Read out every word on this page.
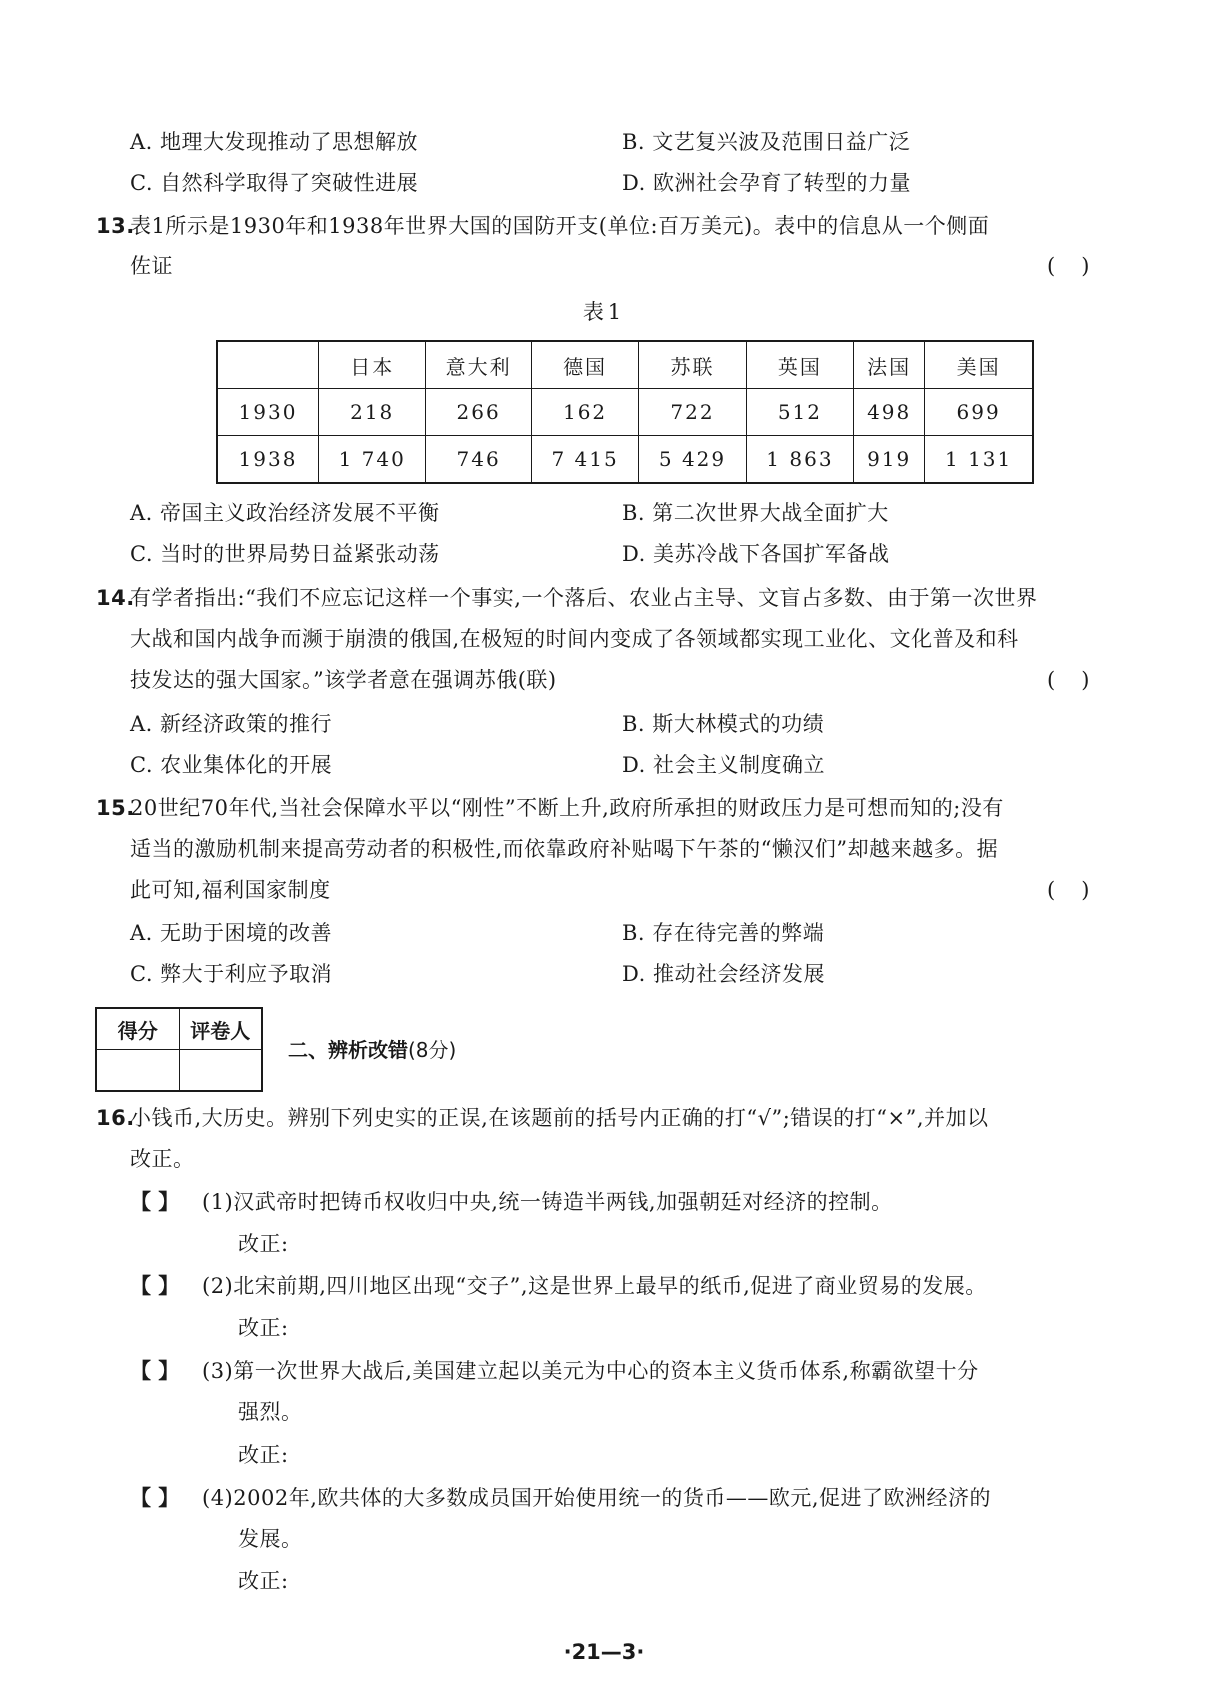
A. 地理大发现推动了思想解放	B. 文艺复兴波及范围日益广泛
C. 自然科学取得了突破性进展	D. 欧洲社会孕育了转型的力量
13.
表1所示是1930年和1938年世界大国的国防开支(单位:百万美元)。表中的信息从一个侧面
佐证	()
表1
	日本	意大利	德国	苏联	英国	法国	美国
1930	218	266	162	722	512	498	699
1938	1 740	746	7 415	5 429	1 863	919	1 131
A. 帝国主义政治经济发展不平衡	B. 第二次世界大战全面扩大
C. 当时的世界局势日益紧张动荡	D. 美苏冷战下各国扩军备战
14.
有学者指出:“我们不应忘记这样一个事实,一个落后、农业占主导、文盲占多数、由于第一次世界
大战和国内战争而濒于崩溃的俄国,在极短的时间内变成了各领域都实现工业化、文化普及和科
技发达的强大国家。”该学者意在强调苏俄(联)	()
A. 新经济政策的推行	B. 斯大林模式的功绩
C. 农业集体化的开展	D. 社会主义制度确立
15.
20世纪70年代,当社会保障水平以“刚性”不断上升,政府所承担的财政压力是可想而知的;没有
适当的激励机制来提高劳动者的积极性,而依靠政府补贴喝下午茶的“懒汉们”却越来越多。据
此可知,福利国家制度	()
A. 无助于困境的改善	B. 存在待完善的弊端
C. 弊大于利应予取消	D. 推动社会经济发展
得分	评卷人

二、辨析改错(8分)
16.
小钱币,大历史。辨别下列史实的正误,在该题前的括号内正确的打“√”;错误的打“×”,并加以
改正。
【 】 (1)汉武帝时把铸币权收归中央,统一铸造半两钱,加强朝廷对经济的控制。
改正:
【 】 (2)北宋前期,四川地区出现“交子”,这是世界上最早的纸币,促进了商业贸易的发展。
改正:
【 】 (3)第一次世界大战后,美国建立起以美元为中心的资本主义货币体系,称霸欲望十分
强烈。
改正:
【 】 (4)2002年,欧共体的大多数成员国开始使用统一的货币——欧元,促进了欧洲经济的
发展。
改正:
·21—3·
